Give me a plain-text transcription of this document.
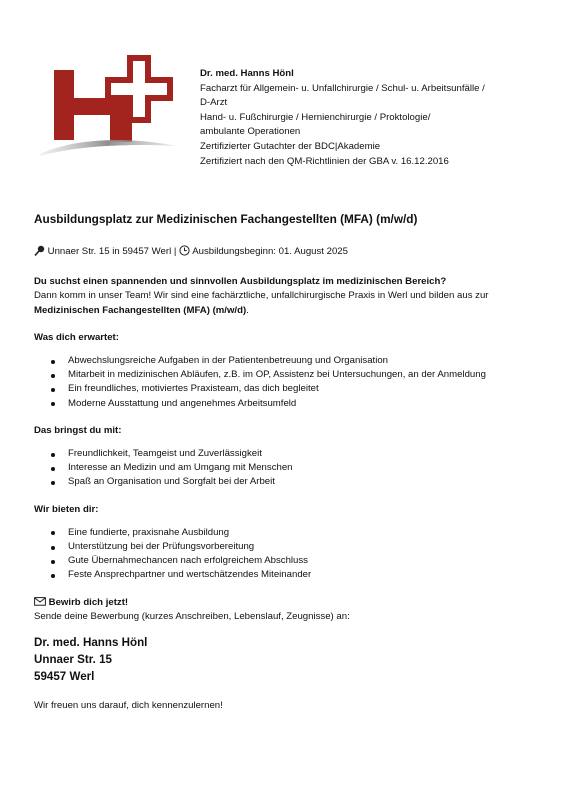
Dr. med. Hanns Hönl
Facharzt für Allgemein- u. Unfallchirurgie / Schul- u. Arbeitsunfälle /
D-Arzt
Hand- u. Fußchirurgie / Hernienchirurgie / Proktologie/
ambulante Operationen
Zertifizierter Gutachter der BDC|Akademie
Zertifiziert nach den QM-Richtlinien der GBA v. 16.12.2016
Ausbildungsplatz zur Medizinischen Fachangestellten (MFA) (m/w/d)
Unnaer Str. 15 in 59457 Werl | Ausbildungsbeginn: 01. August 2025

Du suchst einen spannenden und sinnvollen Ausbildungsplatz im medizinischen Bereich?

Dann komm in unser Team! Wir sind eine fachärztliche, unfallchirurgische Praxis in Werl und bilden aus zur Medizinischen Fachangestellten (MFA) (m/w/d).

Was dich erwartet:

Abwechslungsreiche Aufgaben in der Patientenbetreuung und Organisation
Mitarbeit in medizinischen Abläufen, z.B. im OP, Assistenz bei Untersuchungen, an der Anmeldung
Ein freundliches, motiviertes Praxisteam, das dich begleitet
Moderne Ausstattung und angenehmes Arbeitsumfeld

Das bringst du mit:

Freundlichkeit, Teamgeist und Zuverlässigkeit
Interesse an Medizin und am Umgang mit Menschen
Spaß an Organisation und Sorgfalt bei der Arbeit

Wir bieten dir:

Eine fundierte, praxisnahe Ausbildung
Unterstützung bei der Prüfungsvorbereitung
Gute Übernahmechancen nach erfolgreichem Abschluss
Feste Ansprechpartner und wertschätzendes Miteinander

Bewirb dich jetzt!

Sende deine Bewerbung (kurzes Anschreiben, Lebenslauf, Zeugnisse) an:

Dr. med. Hanns Hönl
Unnaer Str. 15
59457 Werl

Wir freuen uns darauf, dich kennenzulernen!
